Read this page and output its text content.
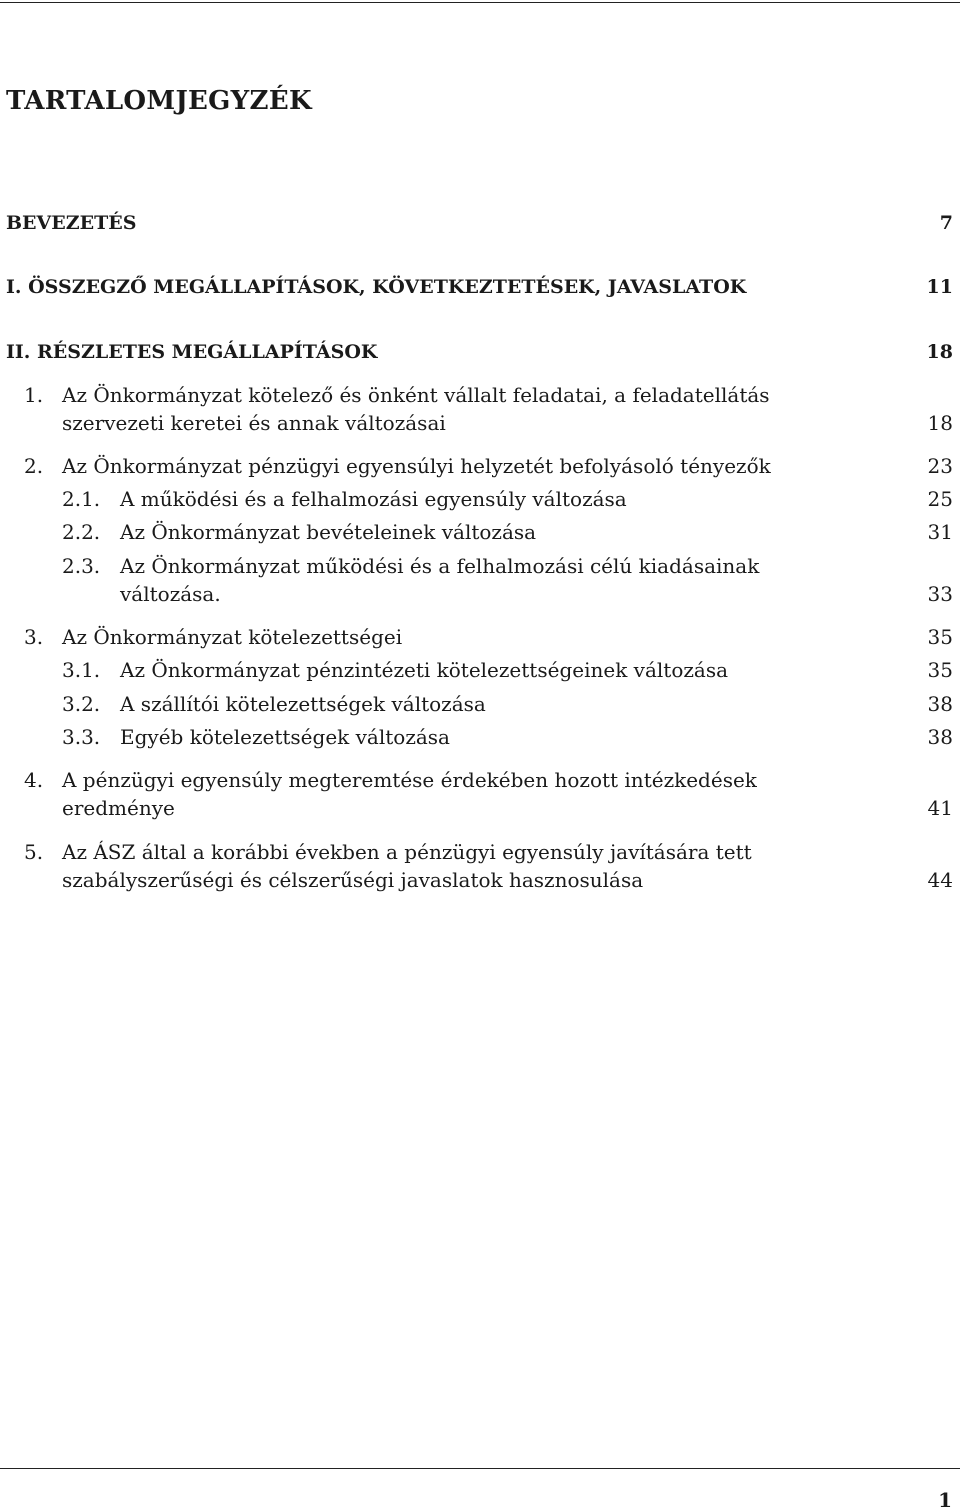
TARTALOMJEGYZÉK
BEVEZETÉS	7
I. ÖSSZEGZŐ MEGÁLLAPÍTÁSOK, KÖVETKEZTETÉSEK, JAVASLATOK	11
II. RÉSZLETES MEGÁLLAPÍTÁSOK	18
1. Az Önkormányzat kötelező és önként vállalt feladatai, a feladatellátás
szervezeti keretei és annak változásai	18
2. Az Önkormányzat pénzügyi egyensúlyi helyzetét befolyásoló tényezők	23
2.1. A működési és a felhalmozási egyensúly változása	25
2.2. Az Önkormányzat bevételeinek változása	31
2.3. Az Önkormányzat működési és a felhalmozási célú kiadásainak
változása.	33
3. Az Önkormányzat kötelezettségei	35
3.1. Az Önkormányzat pénzintézeti kötelezettségeinek változása	35
3.2. A szállítói kötelezettségek változása	38
3.3. Egyéb kötelezettségek változása	38
4. A pénzügyi egyensúly megteremtése érdekében hozott intézkedések
eredménye	41
5. Az ÁSZ által a korábbi években a pénzügyi egyensúly javítására tett
szabályszerűségi és célszerűségi javaslatok hasznosulása	44
1
